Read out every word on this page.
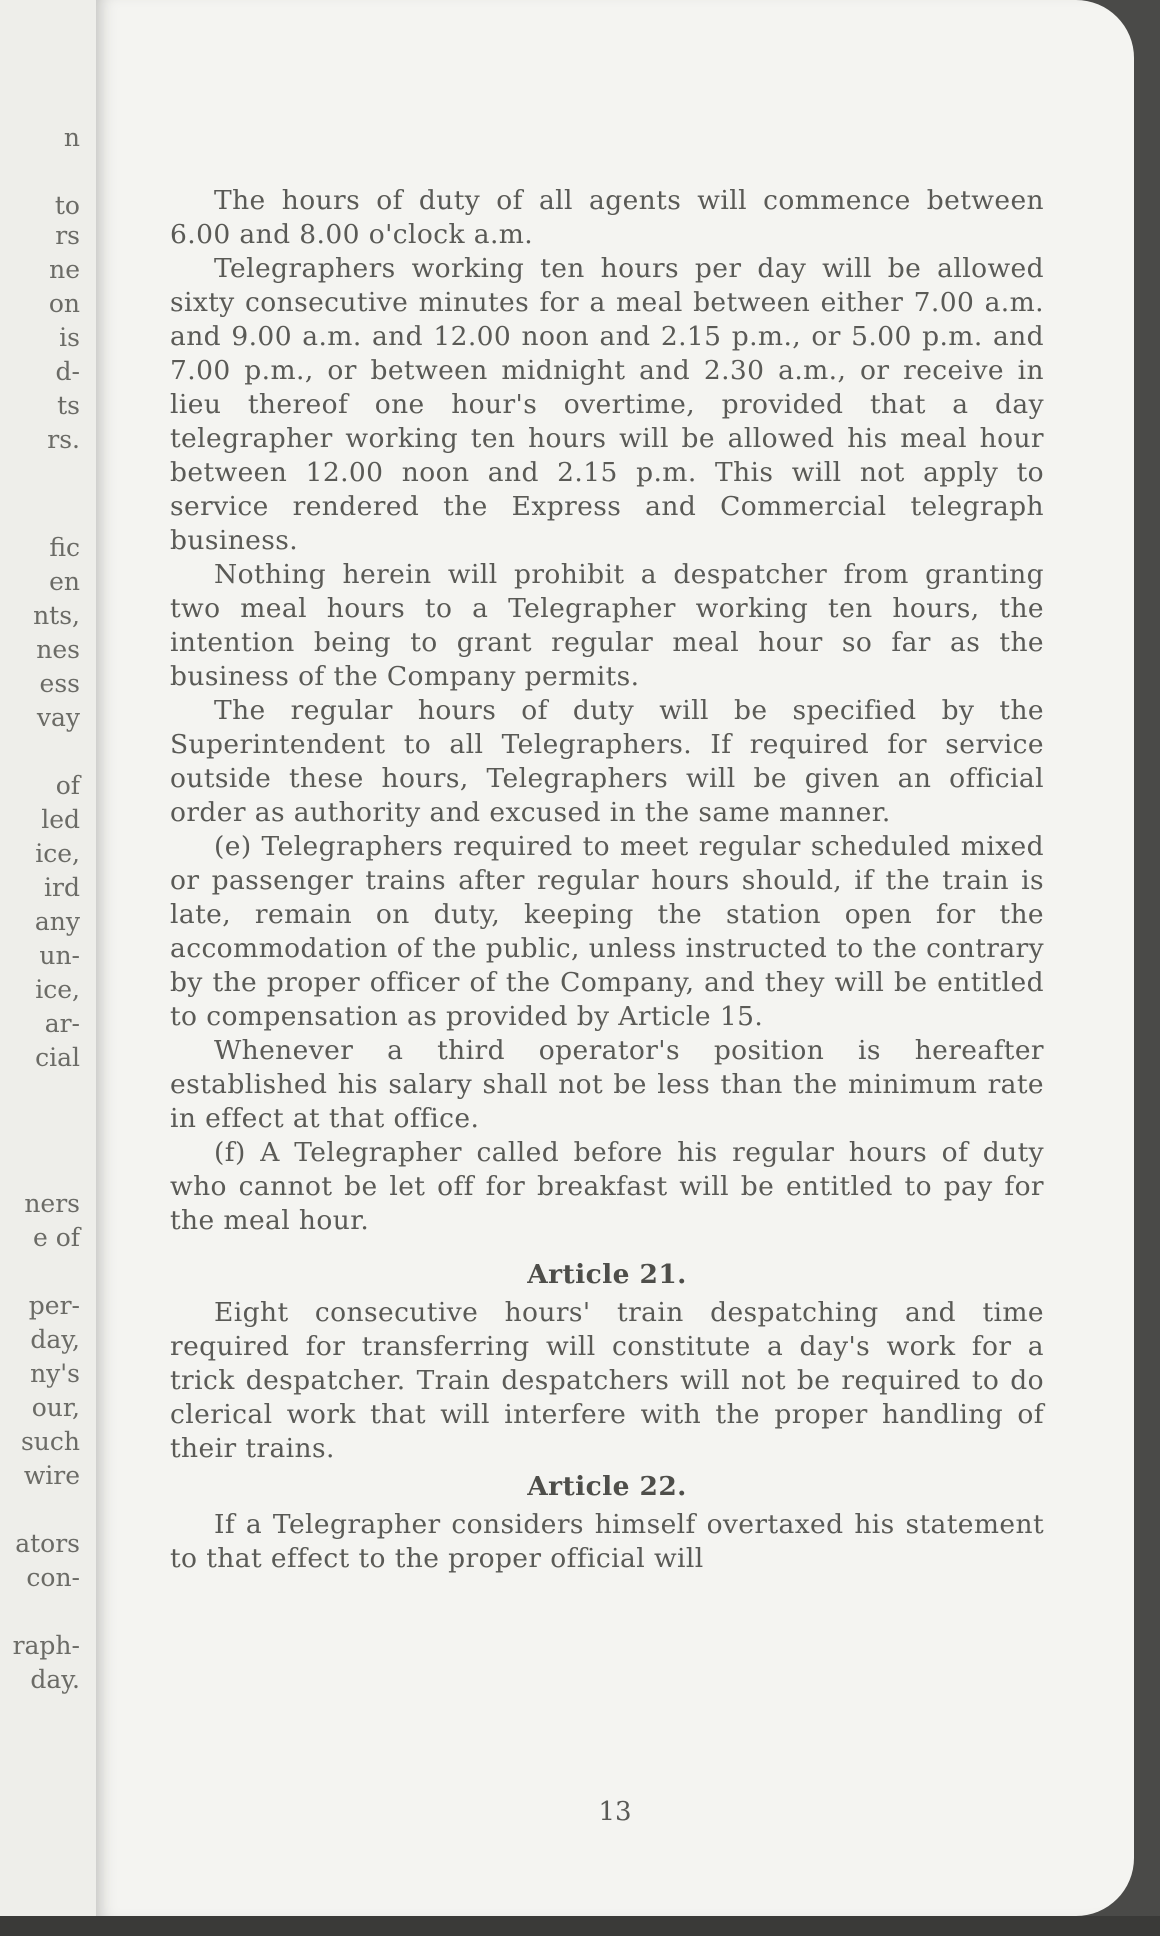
n
to
rs
ne
on
is
d-
ts
rs.
fic
en
nts,
nes
ess
vay
of
led
ice,
ird
any
un-
ice,
ar-
cial
ners
e of
per-
day,
ny's
our,
such
wire
ators
con-
raph-
day.

The hours of duty of all agents will commence between 6.00 and 8.00 o'clock a.m.

Telegraphers working ten hours per day will be allowed sixty consecutive minutes for a meal between either 7.00 a.m. and 9.00 a.m. and 12.00 noon and 2.15 p.m., or 5.00 p.m. and 7.00 p.m., or between midnight and 2.30 a.m., or receive in lieu thereof one hour's overtime, provided that a day telegrapher working ten hours will be allowed his meal hour between 12.00 noon and 2.15 p.m. This will not apply to service rendered the Express and Commercial telegraph business.

Nothing herein will prohibit a despatcher from granting two meal hours to a Telegrapher working ten hours, the intention being to grant regular meal hour so far as the business of the Company permits.

The regular hours of duty will be specified by the Superintendent to all Telegraphers. If required for service outside these hours, Telegraphers will be given an official order as authority and excused in the same manner.

(e) Telegraphers required to meet regular scheduled mixed or passenger trains after regular hours should, if the train is late, remain on duty, keeping the station open for the accommodation of the public, unless instructed to the contrary by the proper officer of the Company, and they will be entitled to compensation as provided by Article 15.

Whenever a third operator's position is hereafter established his salary shall not be less than the minimum rate in effect at that office.

(f) A Telegrapher called before his regular hours of duty who cannot be let off for breakfast will be entitled to pay for the meal hour.

Article 21.

Eight consecutive hours' train despatching and time required for transferring will constitute a day's work for a trick despatcher. Train despatchers will not be required to do clerical work that will interfere with the proper handling of their trains.

Article 22.

If a Telegrapher considers himself overtaxed his statement to that effect to the proper official will

13
